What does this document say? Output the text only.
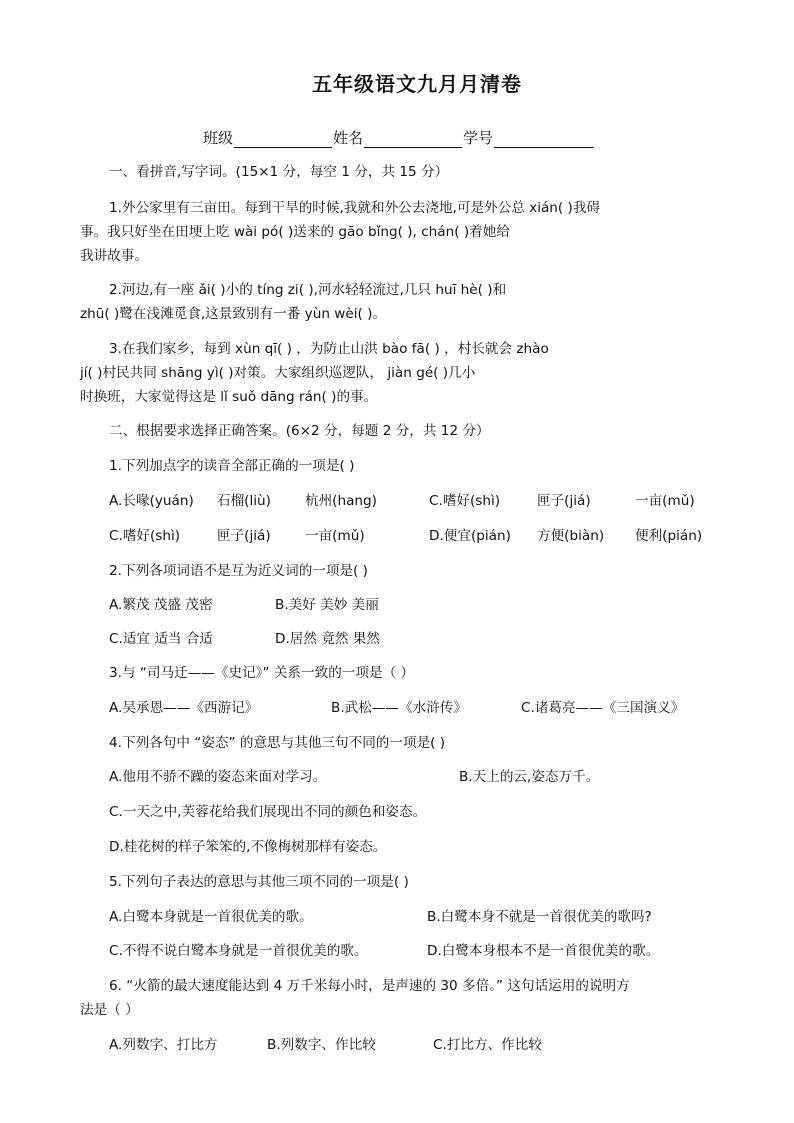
五年级语文九月月清卷
班级	姓名	学号
一、看拼音,写字词。(15×1 分，每空 1 分，共 15 分）
1.外公家里有三亩田。每到干旱的时候,我就和外公去浇地,可是外公总 xián( )我碍
事。我只好坐在田埂上吃 wài pó( )送来的 gāo bǐng( ), chán( )着她给
我讲故事。
2.河边,有一座 ǎi( )小的 tíng zi( ),河水轻轻流过,几只 huī hè( )和
zhū( )鹭在浅滩觅食,这景致别有一番 yùn wèi( )。
3.在我们家乡，每到 xùn qī( ) ，为防止山洪 bào fā( ) ，村长就会 zhào
jí( )村民共同 shāng yì( )对策。大家组织巡逻队， jiàn gé( )几小
时换班，大家觉得这是 lǐ suǒ dāng rán( )的事。
二、根据要求选择正确答案。(6×2 分，每题 2 分，共 12 分）
1.下列加点字的读音全部正确的一项是( )
A.长喙(yuán) 石榴(liù)	杭州(hang)	C.嗜好(shì)	匣子(jiá)	一亩(mǔ)
C.嗜好(shì)	匣子(jiá)	一亩(mǔ)	D.便宜(pián) 方便(biàn) 便利(pián)
2.下列各项词语不是互为近义词的一项是( )
A.繁茂 茂盛 茂密	B.美好 美妙 美丽
C.适宜 适当 合适	D.居然 竟然 果然
3.与 “司马迁——《史记》” 关系一致的一项是（ ）
A.吴承恩——《西游记》	B.武松——《水浒传》	C.诸葛亮——《三国演义》
4.下列各句中 “姿态” 的意思与其他三句不同的一项是( )
A.他用不骄不躁的姿态来面对学习。	B.天上的云,姿态万千。
C.一天之中,芙蓉花给我们展现出不同的颜色和姿态。
D.桂花树的样子笨笨的,不像梅树那样有姿态。
5.下列句子表达的意思与其他三项不同的一项是( )
A.白鹭本身就是一首很优美的歌。	B.白鹭本身不就是一首很优美的歌吗?
C.不得不说白鹭本身就是一首很优美的歌。	D.白鹭本身根本不是一首很优美的歌。
6. “火箭的最大速度能达到 4 万千米每小时，是声速的 30 多倍。” 这句话运用的说明方
法是（ ）
A.列数字、打比方	B.列数字、作比较	C.打比方、作比较
